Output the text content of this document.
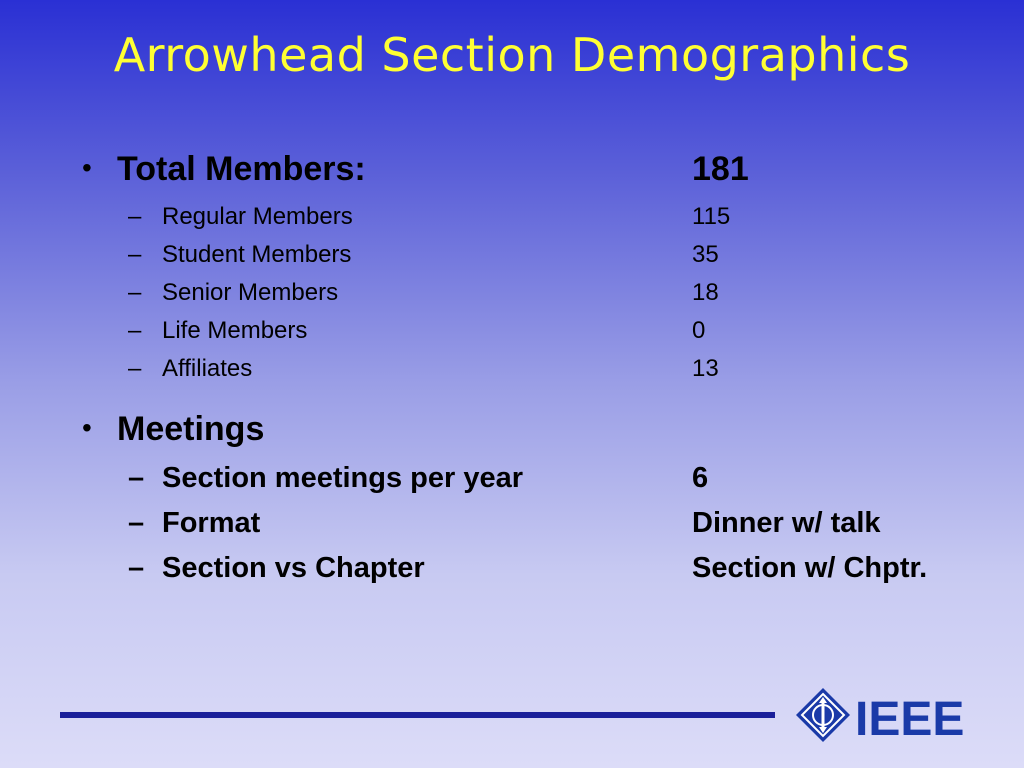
Arrowhead Section Demographics
• Total Members:	181
– Regular Members	115
– Student Members	35
– Senior Members	18
– Life Members	0
– Affiliates	13
• Meetings
– Section meetings per year	6
– Format	Dinner w/ talk
– Section vs Chapter	Section w/ Chptr.
IEEE
